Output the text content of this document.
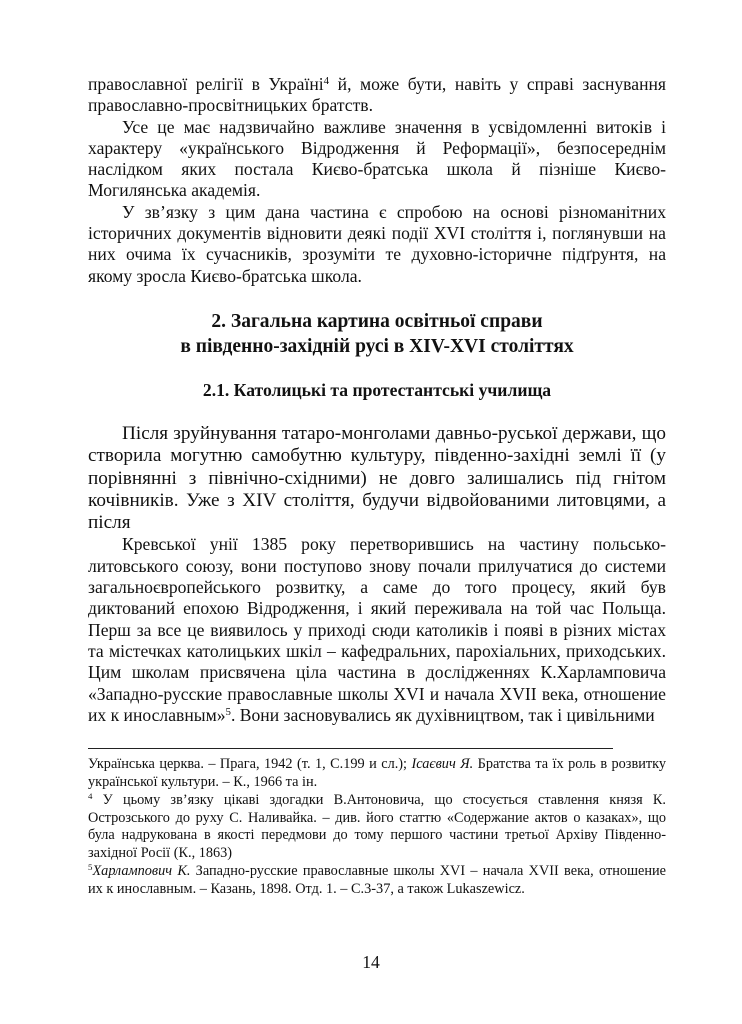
православної релігії в Україні$^4$ й, може бути, навіть у справі заснування православно-просвітницьких братств.

Усе це має надзвичайно важливе значення в усвідомленні витоків і характеру «українського Відродження й Реформації», безпосереднім наслідком яких постала Києво-братська школа й пізніше Києво-Могилянська академія.

У зв’язку з цим дана частина є спробою на основі різноманітних історичних документів відновити деякі події XVI століття і, поглянувши на них очима їх сучасників, зрозуміти те духовно-історичне підґрунтя, на якому зросла Києво-братська школа.

2. Загальна картина освітньої справи
в південно-західній русі в XIV-XVI століттях
2.1. Католицькі та протестантські училища

Після зруйнування татаро-монголами давньо-руської держави, що створила могутню самобутню культуру, південно-західні землі її (у порівнянні з північно-східними) не довго залишались під гнітом кочівників. Уже з XIV століття, будучи відвойованими литовцями, а після

Кревської унії 1385 року перетворившись на частину польсько-литовського союзу, вони поступово знову почали прилучатися до системи загальноєвропейського розвитку, а саме до того процесу, який був диктований епохою Відродження, і який переживала на той час Польща. Перш за все це виявилось у приході сюди католиків і появі в різних містах та містечках католицьких шкіл – кафедральних, парохіальних, приходських. Цим школам присвячена ціла частина в дослідженнях К.Харламповича «Западно-русские православные школы XVI и начала XVII века, отношение их к инославным»$^5$. Вони засновувались як духівництвом, так і цивільними

Українська церква. – Прага, 1942 (т. 1, С.199 и сл.); Ісаєвич Я. Братства та їх роль в розвитку української культури. – К., 1966 та ін.

$^4$ У цьому зв’язку цікаві здогадки В.Антоновича, що стосується ставлення князя К. Острозського до руху С. Наливайка. – див. його статтю «Содержание актов о казаках», що була надрукована в якості передмови до тому першого частини третьої Архіву Південно-західної Росії (К., 1863)

$^5$Харлампович К. Западно-русские православные школы XVI – начала XVII века, отношение их к инославным. – Казань, 1898. Отд. 1. – С.3-37, а також Lukaszewicz.

14
